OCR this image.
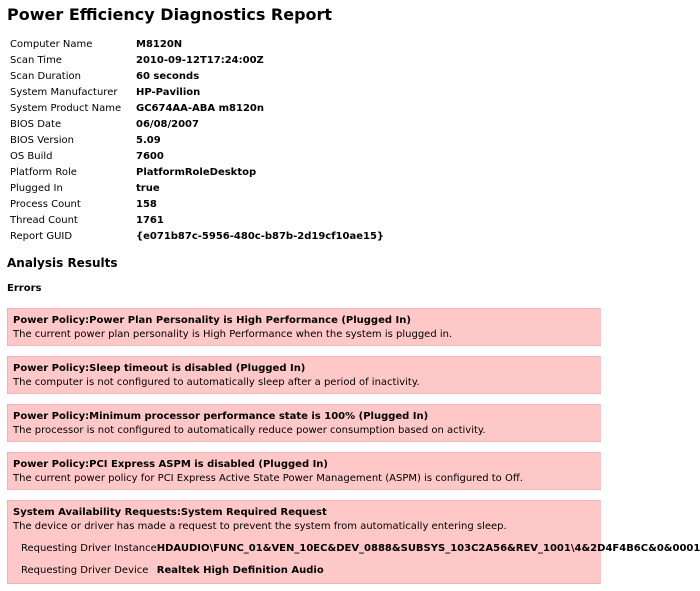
Power Efficiency Diagnostics Report
Computer Name	M8120N
Scan Time	2010-09-12T17:24:00Z
Scan Duration	60 seconds
System Manufacturer	HP-Pavilion
System Product Name	GC674AA-ABA m8120n
BIOS Date	06/08/2007
BIOS Version	5.09
OS Build	7600
Platform Role	PlatformRoleDesktop
Plugged In	true
Process Count	158
Thread Count	1761
Report GUID	{e071b87c-5956-480c-b87b-2d19cf10ae15}
Analysis Results
Errors
Power Policy:Power Plan Personality is High Performance (Plugged In)
The current power plan personality is High Performance when the system is plugged in.
Power Policy:Sleep timeout is disabled (Plugged In)
The computer is not configured to automatically sleep after a period of inactivity.
Power Policy:Minimum processor performance state is 100% (Plugged In)
The processor is not configured to automatically reduce power consumption based on activity.
Power Policy:PCI Express ASPM is disabled (Plugged In)
The current power policy for PCI Express Active State Power Management (ASPM) is configured to Off.
System Availability Requests:System Required Request
The device or driver has made a request to prevent the system from automatically entering sleep.
Requesting Driver Instance	HDAUDIO\FUNC_01&VEN_10EC&DEV_0888&SUBSYS_103C2A56&REV_1001\4&2D4F4B6C&0&0001
Requesting Driver Device	Realtek High Definition Audio
